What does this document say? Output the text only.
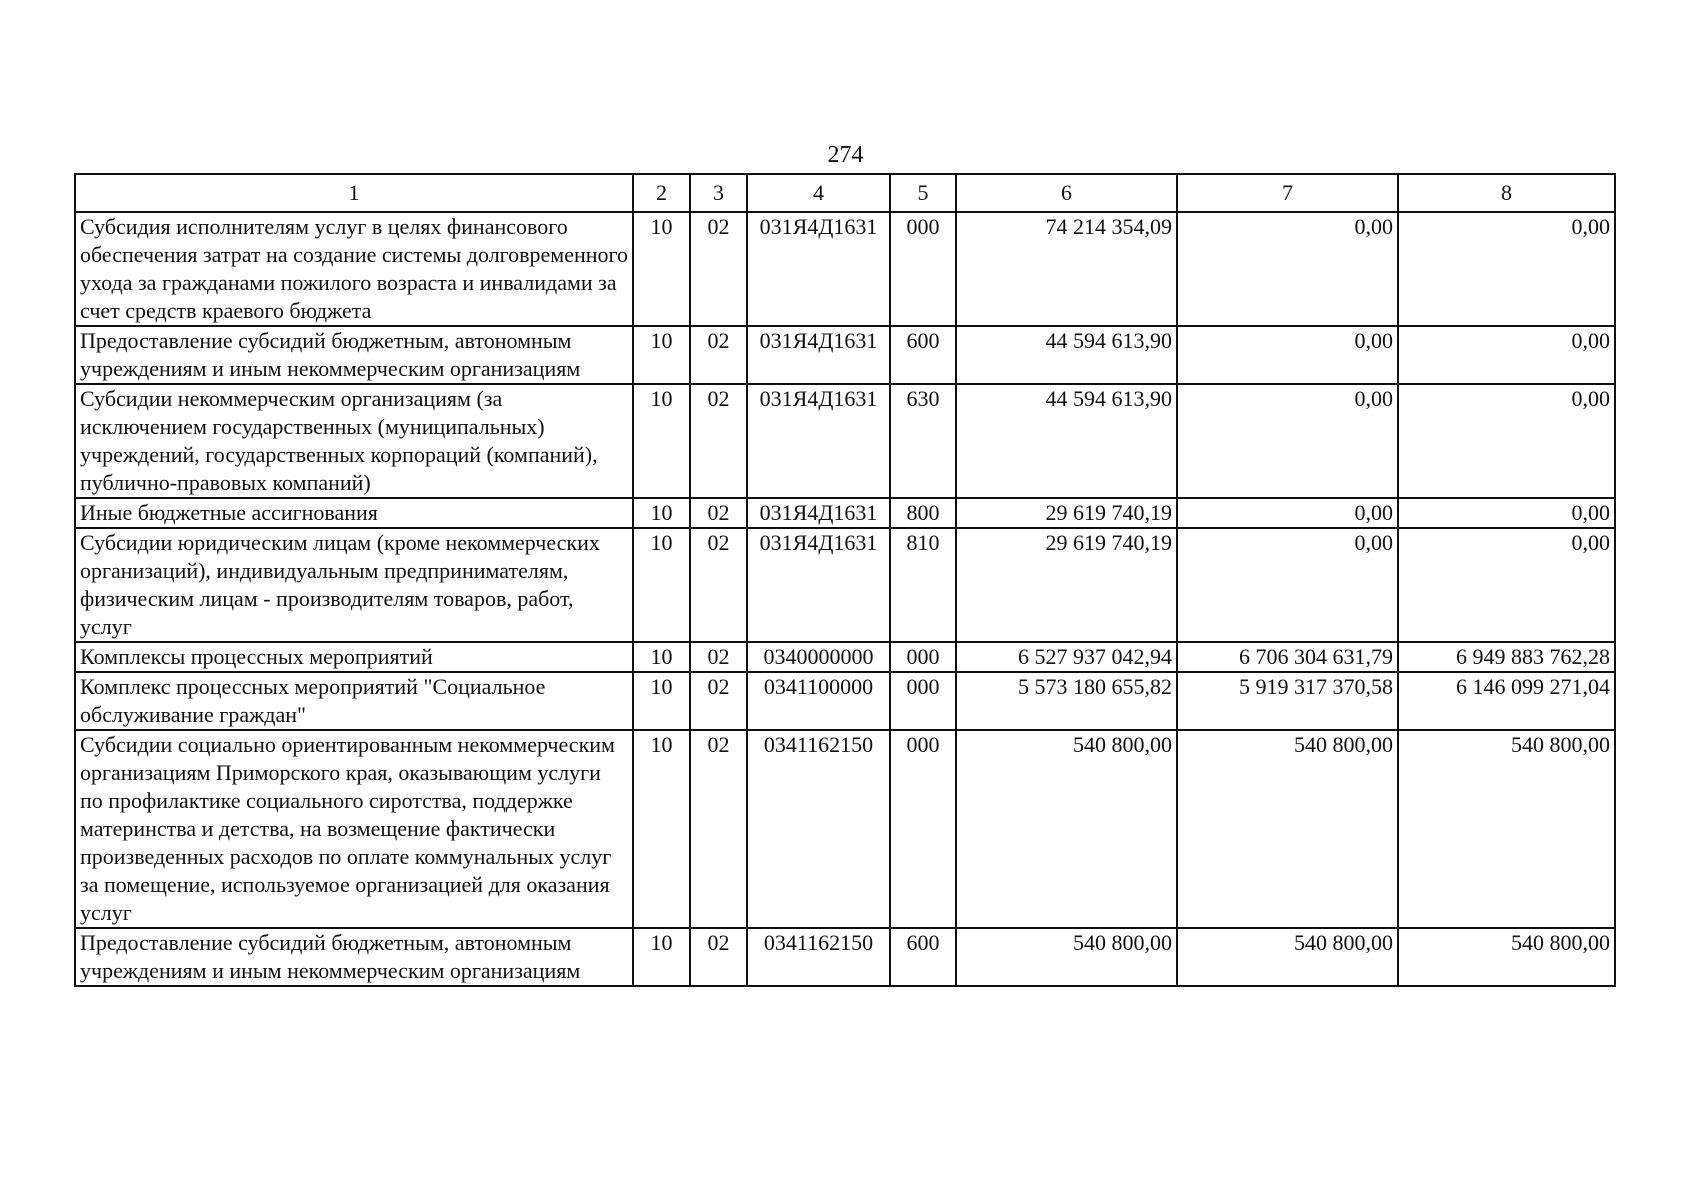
274
1	2	3	4	5	6	7	8
Субсидия исполнителям услуг в целях финансового обеспечения затрат на создание системы долговременного ухода за гражданами пожилого возраста и инвалидами за счет средств краевого бюджета	10	02	031Я4Д1631	000	74 214 354,09	0,00	0,00
Предоставление субсидий бюджетным, автономным учреждениям и иным некоммерческим организациям	10	02	031Я4Д1631	600	44 594 613,90	0,00	0,00
Субсидии некоммерческим организациям (за исключением государственных (муниципальных) учреждений, государственных корпораций (компаний), публично-правовых компаний)	10	02	031Я4Д1631	630	44 594 613,90	0,00	0,00
Иные бюджетные ассигнования	10	02	031Я4Д1631	800	29 619 740,19	0,00	0,00
Субсидии юридическим лицам (кроме некоммерческих организаций), индивидуальным предпринимателям, физическим лицам - производителям товаров, работ, услуг	10	02	031Я4Д1631	810	29 619 740,19	0,00	0,00
Комплексы процессных мероприятий	10	02	0340000000	000	6 527 937 042,94	6 706 304 631,79	6 949 883 762,28
Комплекс процессных мероприятий "Социальное обслуживание граждан"	10	02	0341100000	000	5 573 180 655,82	5 919 317 370,58	6 146 099 271,04
Субсидии социально ориентированным некоммерческим организациям Приморского края, оказывающим услуги по профилактике социального сиротства, поддержке материнства и детства, на возмещение фактически произведенных расходов по оплате коммунальных услуг за помещение, используемое организацией для оказания услуг	10	02	0341162150	000	540 800,00	540 800,00	540 800,00
Предоставление субсидий бюджетным, автономным учреждениям и иным некоммерческим организациям	10	02	0341162150	600	540 800,00	540 800,00	540 800,00
